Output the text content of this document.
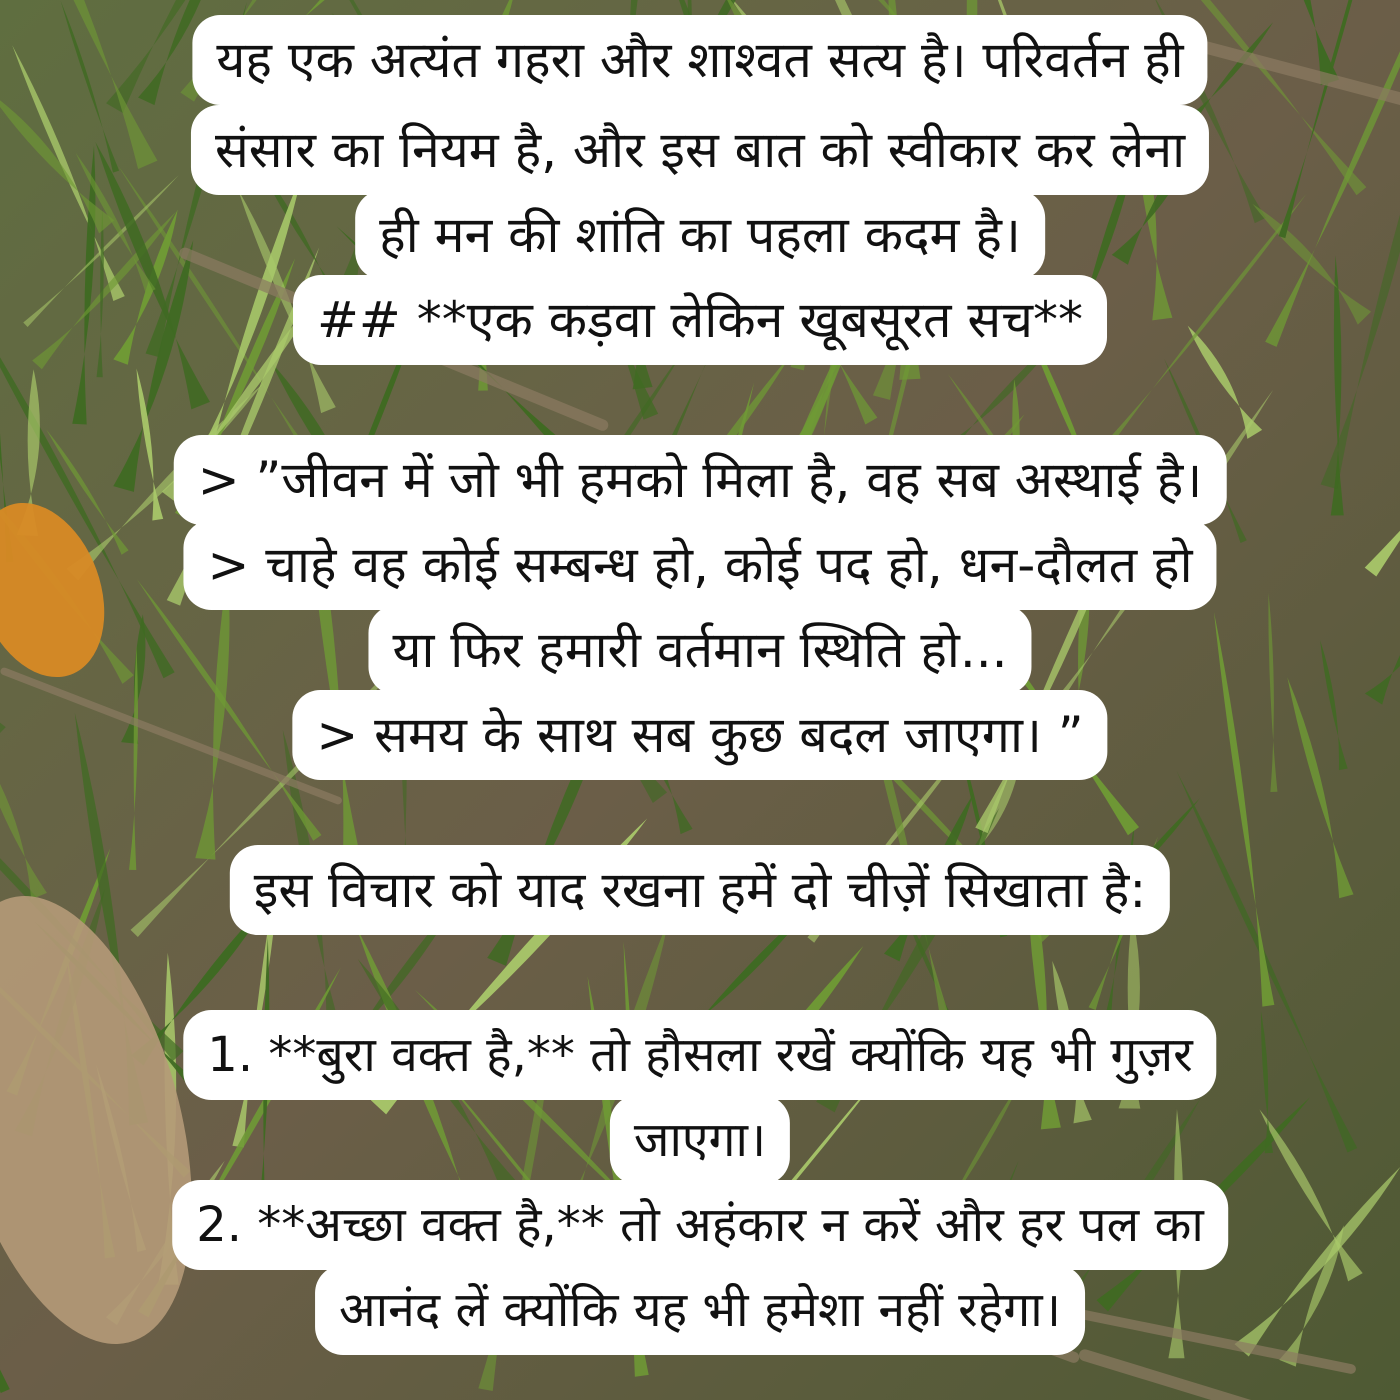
यह एक अत्यंत गहरा और शाश्वत सत्य है। परिवर्तन ही
संसार का नियम है, और इस बात को स्वीकार कर लेना
ही मन की शांति का पहला कदम है।
## **एक कड़वा लेकिन खूबसूरत सच**
> ”जीवन में जो भी हमको मिला है, वह सब अस्थाई है।
> चाहे वह कोई सम्बन्ध हो, कोई पद हो, धन-दौलत हो
या फिर हमारी वर्तमान स्थिति हो...
> समय के साथ सब कुछ बदल जाएगा। ”
इस विचार को याद रखना हमें दो चीज़ें सिखाता है:
1. **बुरा वक्त है,** तो हौसला रखें क्योंकि यह भी गुज़र
जाएगा।
2. **अच्छा वक्त है,** तो अहंकार न करें और हर पल का
आनंद लें क्योंकि यह भी हमेशा नहीं रहेगा।
